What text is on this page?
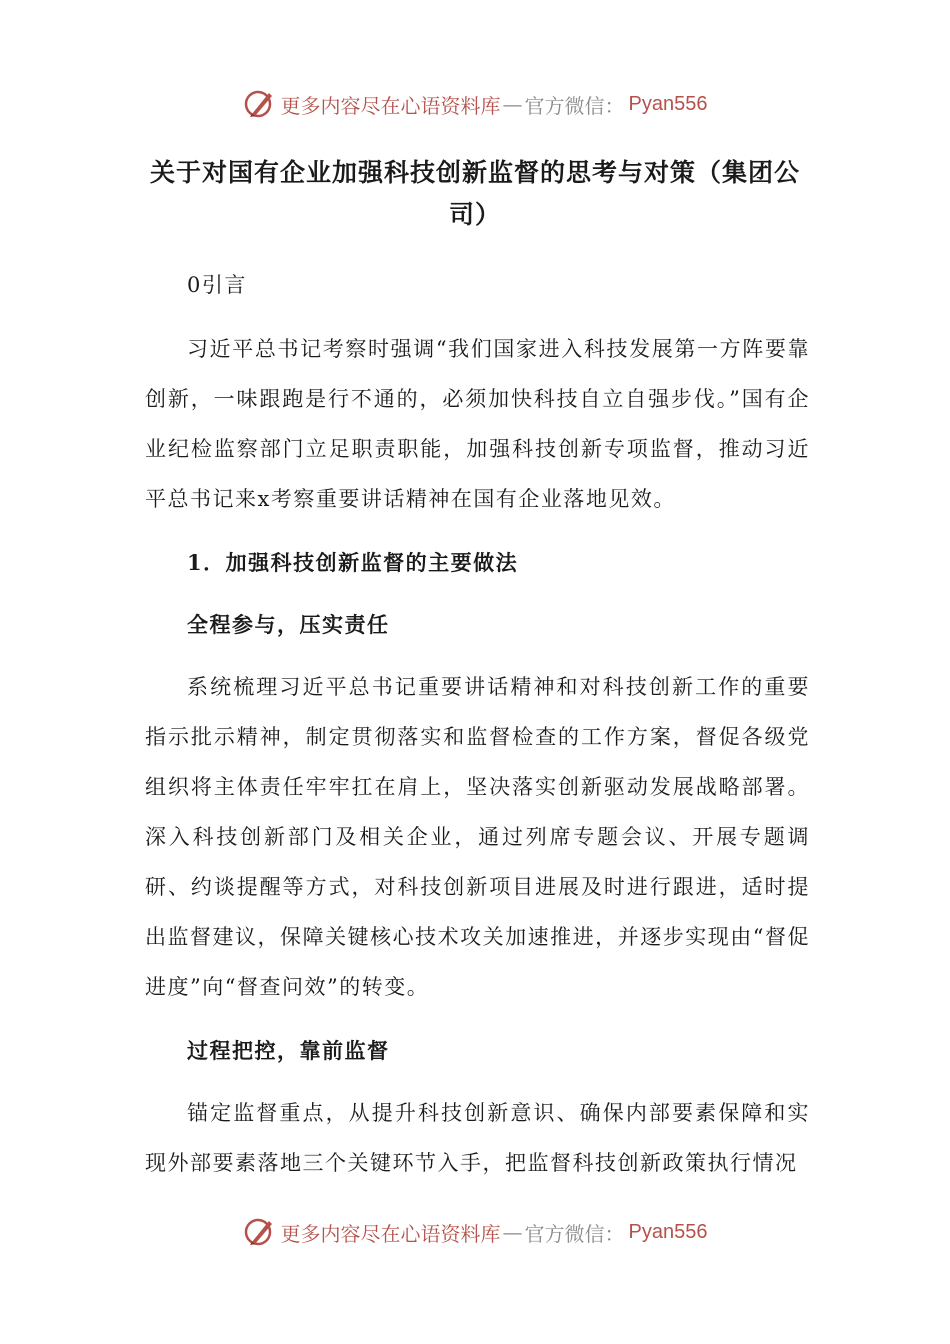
更多内容尽在心语资料库 — 官方微信： Pyan556
关于对国有企业加强科技创新监督的思考与对策（集团公司）

0引言

习近平总书记考察时强调“我们国家进入科技发展第一方阵要靠创新，一味跟跑是行不通的，必须加快科技自立自强步伐。”国有企业纪检监察部门立足职责职能，加强科技创新专项监督，推动习近平总书记来x考察重要讲话精神在国有企业落地见效。

1．加强科技创新监督的主要做法

全程参与，压实责任

系统梳理习近平总书记重要讲话精神和对科技创新工作的重要指示批示精神，制定贯彻落实和监督检查的工作方案，督促各级党组织将主体责任牢牢扛在肩上，坚决落实创新驱动发展战略部署。深入科技创新部门及相关企业，通过列席专题会议、开展专题调研、约谈提醒等方式，对科技创新项目进展及时进行跟进，适时提出监督建议，保障关键核心技术攻关加速推进，并逐步实现由“督促进度”向“督查问效”的转变。

过程把控，靠前监督

锚定监督重点，从提升科技创新意识、确保内部要素保障和实现外部要素落地三个关键环节入手，把监督科技创新政策执行情况

更多内容尽在心语资料库 — 官方微信： Pyan556
